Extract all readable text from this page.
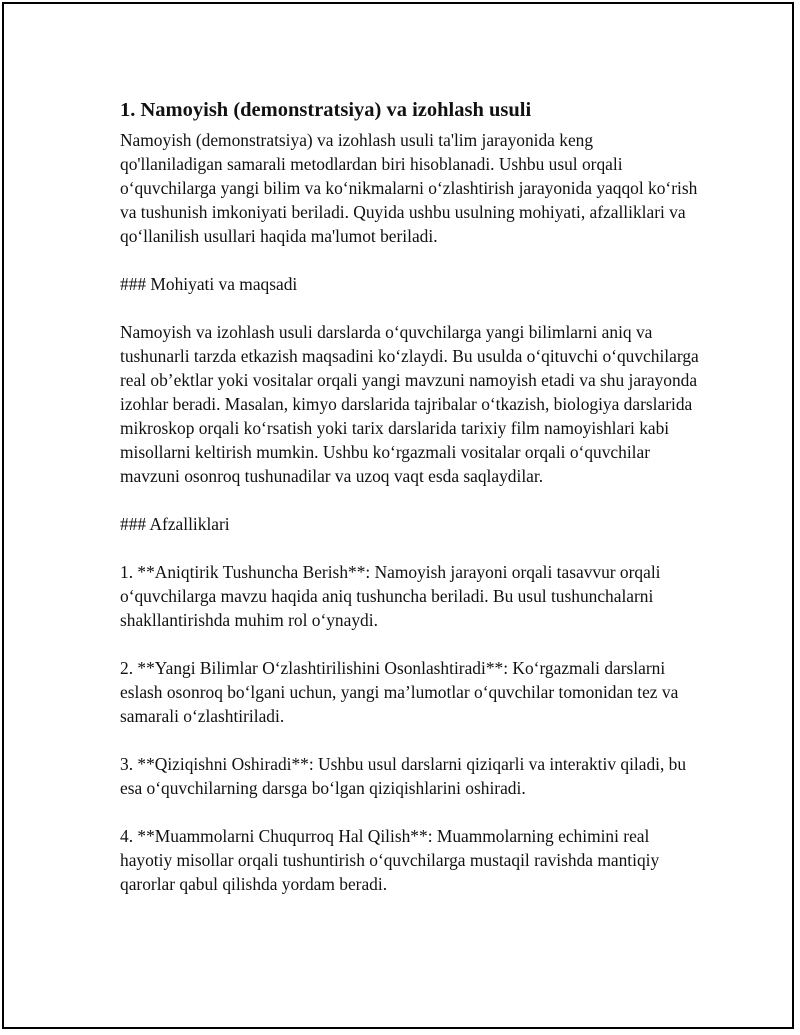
1. Namoyish (demonstratsiya) va izohlash usuli

Namoyish (demonstratsiya) va izohlash usuli ta'lim jarayonida keng qo'llaniladigan samarali metodlardan biri hisoblanadi. Ushbu usul orqali o‘quvchilarga yangi bilim va ko‘nikmalarni o‘zlashtirish jarayonida yaqqol ko‘rish va tushunish imkoniyati beriladi. Quyida ushbu usulning mohiyati, afzalliklari va qo‘llanilish usullari haqida ma'lumot beriladi.

### Mohiyati va maqsadi

Namoyish va izohlash usuli darslarda o‘quvchilarga yangi bilimlarni aniq va tushunarli tarzda etkazish maqsadini ko‘zlaydi. Bu usulda o‘qituvchi o‘quvchilarga real ob’ektlar yoki vositalar orqali yangi mavzuni namoyish etadi va shu jarayonda izohlar beradi. Masalan, kimyo darslarida tajribalar o‘tkazish, biologiya darslarida mikroskop orqali ko‘rsatish yoki tarix darslarida tarixiy film namoyishlari kabi misollarni keltirish mumkin. Ushbu ko‘rgazmali vositalar orqali o‘quvchilar mavzuni osonroq tushunadilar va uzoq vaqt esda saqlaydilar.

### Afzalliklari

1. **Aniqtirik Tushuncha Berish**: Namoyish jarayoni orqali tasavvur orqali o‘quvchilarga mavzu haqida aniq tushuncha beriladi. Bu usul tushunchalarni shakllantirishda muhim rol o‘ynaydi.

2. **Yangi Bilimlar O‘zlashtirilishini Osonlashtiradi**: Ko‘rgazmali darslarni eslash osonroq bo‘lgani uchun, yangi ma’lumotlar o‘quvchilar tomonidan tez va samarali o‘zlashtiriladi.

3. **Qiziqishni Oshiradi**: Ushbu usul darslarni qiziqarli va interaktiv qiladi, bu esa o‘quvchilarning darsga bo‘lgan qiziqishlarini oshiradi.

4. **Muammolarni Chuqurroq Hal Qilish**: Muammolarning echimini real hayotiy misollar orqali tushuntirish o‘quvchilarga mustaqil ravishda mantiqiy qarorlar qabul qilishda yordam beradi.
